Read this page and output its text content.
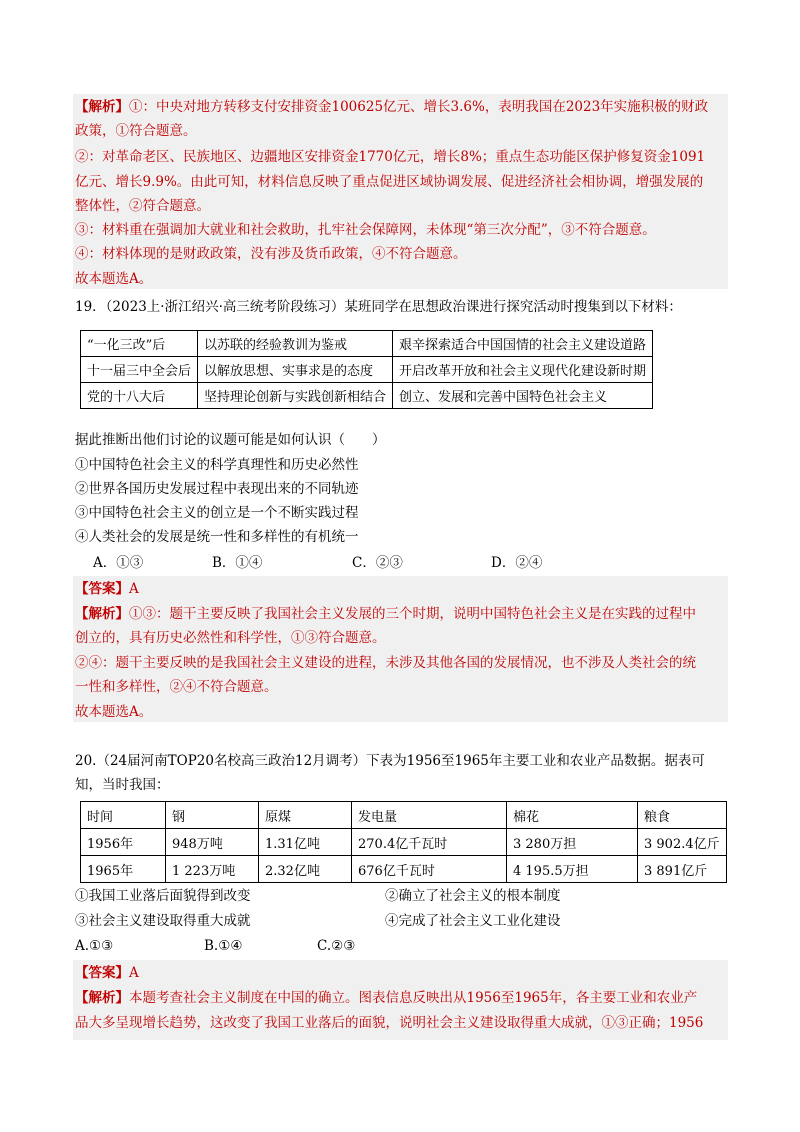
【解析】①：中央对地方转移支付安排资金100625亿元、增长3.6%，表明我国在2023年实施积极的财政
政策，①符合题意。
②：对革命老区、民族地区、边疆地区安排资金1770亿元，增长8%；重点生态功能区保护修复资金1091
亿元、增长9.9%。由此可知，材料信息反映了重点促进区域协调发展、促进经济社会相协调，增强发展的
整体性，②符合题意。
③：材料重在强调加大就业和社会救助，扎牢社会保障网，未体现“第三次分配”，③不符合题意。
④：材料体现的是财政政策，没有涉及货币政策，④不符合题意。
故本题选A。
19．（2023上·浙江绍兴·高三统考阶段练习）某班同学在思想政治课进行探究活动时搜集到以下材料：
“一化三改”后	以苏联的经验教训为鉴戒	艰辛探索适合中国国情的社会主义建设道路
十一届三中全会后	以解放思想、实事求是的态度	开启改革开放和社会主义现代化建设新时期
党的十八大后	坚持理论创新与实践创新相结合	创立、发展和完善中国特色社会主义
据此推断出他们讨论的议题可能是如何认识（　　）
①中国特色社会主义的科学真理性和历史必然性
②世界各国历史发展过程中表现出来的不同轨迹
③中国特色社会主义的创立是一个不断实践过程
④人类社会的发展是统一性和多样性的有机统一
A．①③	B．①④	C．②③	D．②④
【答案】A
【解析】①③：题干主要反映了我国社会主义发展的三个时期，说明中国特色社会主义是在实践的过程中
创立的，具有历史必然性和科学性，①③符合题意。
②④：题干主要反映的是我国社会主义建设的进程，未涉及其他各国的发展情况，也不涉及人类社会的统
一性和多样性，②④不符合题意。
故本题选A。
20.（24届河南TOP20名校高三政治12月调考）下表为1956至1965年主要工业和农业产品数据。据表可
知，当时我国：
时间	钢	原煤	发电量	棉花	粮食
1956年	948万吨	1.31亿吨	270.4亿千瓦时	3 280万担	3 902.4亿斤
1965年	1 223万吨	2.32亿吨	676亿千瓦时	4 195.5万担	3 891亿斤
①我国工业落后面貌得到改变	②确立了社会主义的根本制度
③社会主义建设取得重大成就	④完成了社会主义工业化建设
A.①③	B.①④	C.②③
【答案】A
【解析】本题考查社会主义制度在中国的确立。图表信息反映出从1956至1965年，各主要工业和农业产
品大多呈现增长趋势，这改变了我国工业落后的面貌，说明社会主义建设取得重大成就，①③正确；1956
